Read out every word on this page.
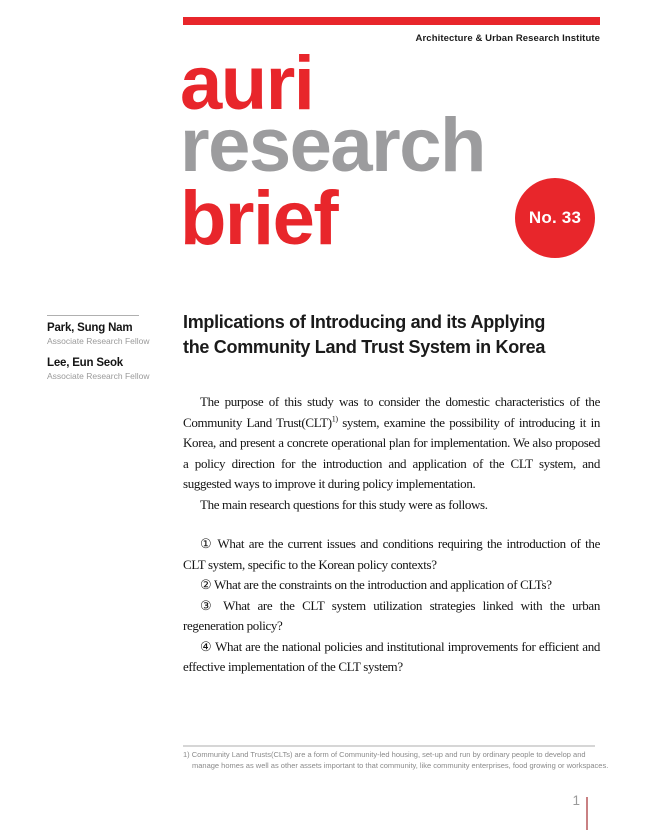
Architecture & Urban Research Institute
auri
research
brief	No. 33
Park, Sung Nam
Associate Research Fellow
Lee, Eun Seok
Associate Research Fellow
Implications of Introducing and its Applying
the Community Land Trust System in Korea

The purpose of this study was to consider the domestic characteristics of the Community Land Trust(CLT)$^{1)}$ system, examine the possibility of introducing it in Korea, and present a concrete operational plan for implementation. We also proposed a policy direction for the introduction and application of the CLT system, and suggested ways to improve it during policy implementation.

The main research questions for this study were as follows.

① What are the current issues and conditions requiring the introduction of the CLT system, specific to the Korean policy contexts?

② What are the constraints on the introduction and application of CLTs?

③ What are the CLT system utilization strategies linked with the urban regeneration policy?

④ What are the national policies and institutional improvements for efficient and effective implementation of the CLT system?

1) Community Land Trusts(CLTs) are a form of Community-led housing, set-up and run by ordinary people to develop and manage homes as well as other assets important to that community, like community enterprises, food growing or workspaces.
1
